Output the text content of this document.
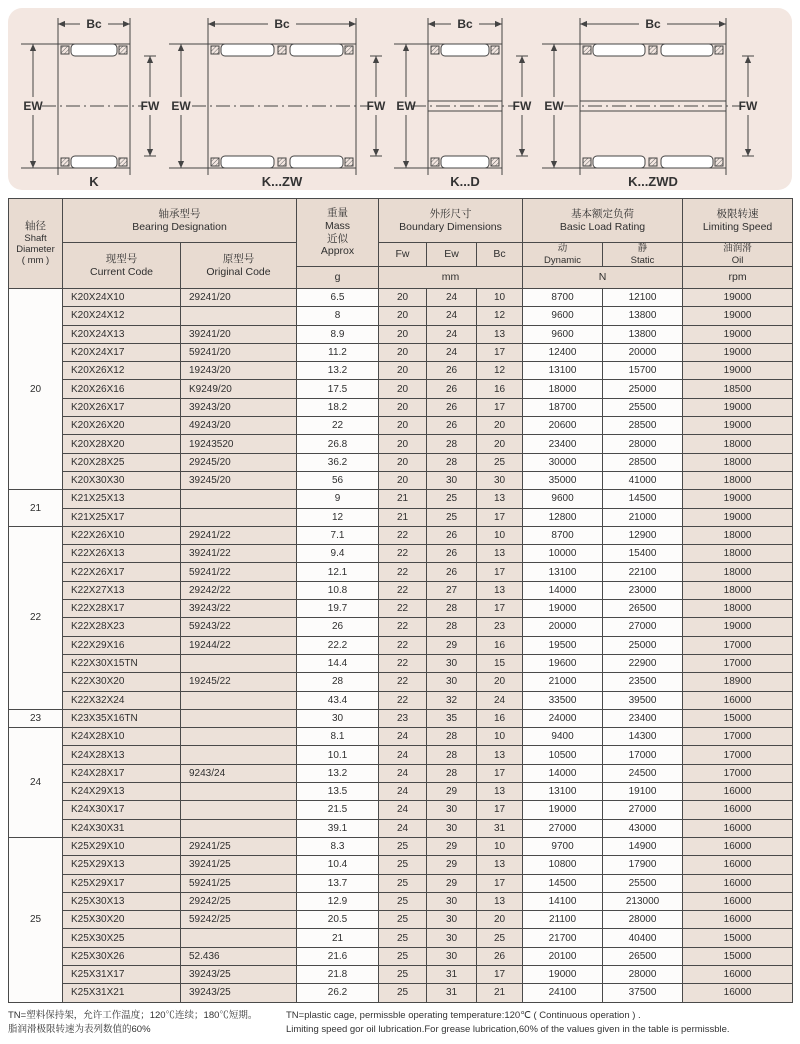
Bc
EW	FW
K
Bc
EW	FW
K...ZW
Bc
EW	FW
K...D
Bc
EW	FW
K...ZWD
轴径
Shaft
Diameter
( mm )

轴承型号
Bearing Designation

重量
Mass
近似
Approx

外形尺寸
Boundary Dimensions

基本额定负荷
Basic Load Rating

极限转速
Limiting Speed

现型号
Current Code

原型号
Original Code
	Fw	Ew	Bc	动
Dynamic

静
Static

油润滑
Oil

			g	mm			N		rpm
20	K20X24X10	29241/20	6.5	20	24	10	8700	12100	19000
	K20X24X12		8	20	24	12	9600	13800	19000
	K20X24X13	39241/20	8.9	20	24	13	9600	13800	19000
	K20X24X17	59241/20	11.2	20	24	17	12400	20000	19000
	K20X26X12	19243/20	13.2	20	26	12	13100	15700	19000
	K20X26X16	K9249/20	17.5	20	26	16	18000	25000	18500
	K20X26X17	39243/20	18.2	20	26	17	18700	25500	19000
	K20X26X20	49243/20	22	20	26	20	20600	28500	19000
	K20X28X20	19243520	26.8	20	28	20	23400	28000	18000
	K20X28X25	29245/20	36.2	20	28	25	30000	28500	18000
	K20X30X30	39245/20	56	20	30	30	35000	41000	18000
21	K21X25X13		9	21	25	13	9600	14500	19000
	K21X25X17		12	21	25	17	12800	21000	19000
22	K22X26X10	29241/22	7.1	22	26	10	8700	12900	18000
	K22X26X13	39241/22	9.4	22	26	13	10000	15400	18000
	K22X26X17	59241/22	12.1	22	26	17	13100	22100	18000
	K22X27X13	29242/22	10.8	22	27	13	14000	23000	18000
	K22X28X17	39243/22	19.7	22	28	17	19000	26500	18000
	K22X28X23	59243/22	26	22	28	23	20000	27000	19000
	K22X29X16	19244/22	22.2	22	29	16	19500	25000	17000
	K22X30X15TN		14.4	22	30	15	19600	22900	17000
	K22X30X20	19245/22	28	22	30	20	21000	23500	18900
	K22X32X24		43.4	22	32	24	33500	39500	16000
23	K23X35X16TN		30	23	35	16	24000	23400	15000
24	K24X28X10		8.1	24	28	10	9400	14300	17000
	K24X28X13		10.1	24	28	13	10500	17000	17000
	K24X28X17	9243/24	13.2	24	28	17	14000	24500	17000
	K24X29X13		13.5	24	29	13	13100	19100	16000
	K24X30X17		21.5	24	30	17	19000	27000	16000
	K24X30X31		39.1	24	30	31	27000	43000	16000
25	K25X29X10	29241/25	8.3	25	29	10	9700	14900	16000
	K25X29X13	39241/25	10.4	25	29	13	10800	17900	16000
	K25X29X17	59241/25	13.7	25	29	17	14500	25500	16000
	K25X30X13	29242/25	12.9	25	30	13	14100	213000	16000
	K25X30X20	59242/25	20.5	25	30	20	21100	28000	16000
	K25X30X25		21	25	30	25	21700	40400	15000
	K25X30X26	52.436	21.6	25	30	26	20100	26500	15000
	K25X31X17	39243/25	21.8	25	31	17	19000	28000	16000
	K25X31X21	39243/25	26.2	25	31	21	24100	37500	16000
TN=塑料保持架，允许工作温度；120℃连续；180℃短期。
脂润滑极限转速为表列数值的60%
TN=plastic cage, permissble operating temperature:120℃ ( Continuous operation ) .
Limiting speed gor oil lubrication.For grease lubrication,60% of the values given in the table is permissble.
